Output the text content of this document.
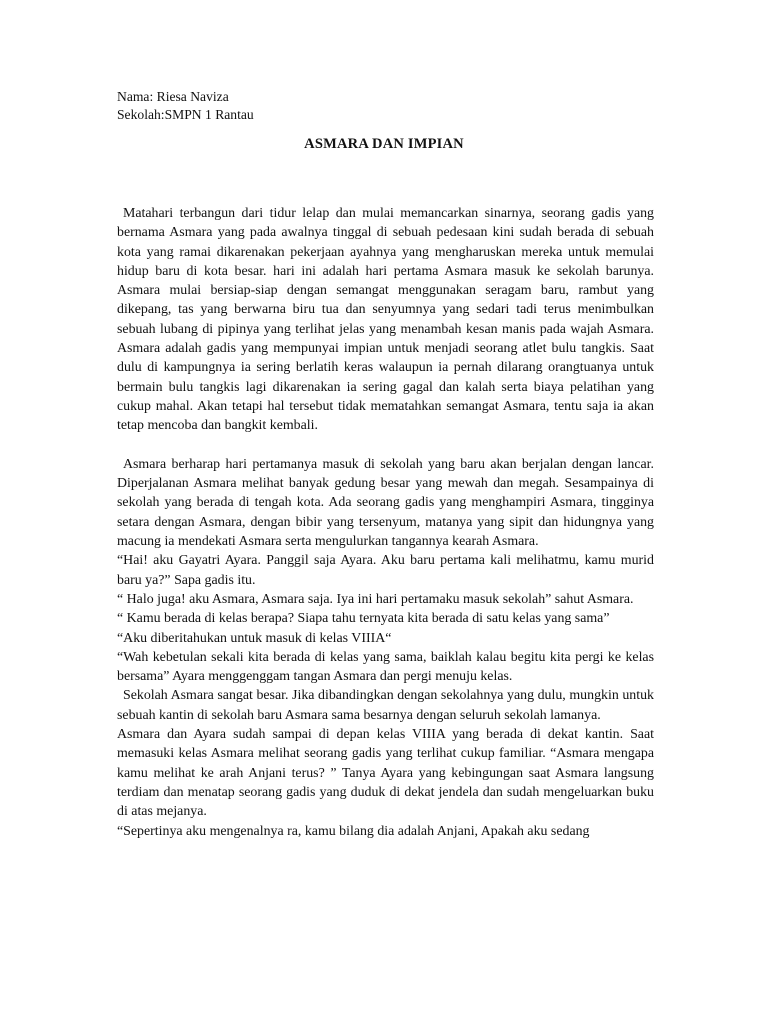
Nama: Riesa Naviza
Sekolah:SMPN 1 Rantau
ASMARA DAN IMPIAN

Matahari terbangun dari tidur lelap dan mulai memancarkan sinarnya, seorang gadis yang bernama Asmara yang pada awalnya tinggal di sebuah pedesaan kini sudah berada di sebuah kota yang ramai dikarenakan pekerjaan ayahnya yang mengharuskan mereka untuk memulai hidup baru di kota besar. hari ini adalah hari pertama Asmara masuk ke sekolah barunya. Asmara mulai bersiap-siap dengan semangat menggunakan seragam baru, rambut yang dikepang, tas yang berwarna biru tua dan senyumnya yang sedari tadi terus menimbulkan sebuah lubang di pipinya yang terlihat jelas yang menambah kesan manis pada wajah Asmara. Asmara adalah gadis yang mempunyai impian untuk menjadi seorang atlet bulu tangkis. Saat dulu di kampungnya ia sering berlatih keras walaupun ia pernah dilarang orangtuanya untuk bermain bulu tangkis lagi dikarenakan ia sering gagal dan kalah serta biaya pelatihan yang cukup mahal. Akan tetapi hal tersebut tidak mematahkan semangat Asmara, tentu saja ia akan tetap mencoba dan bangkit kembali.

Asmara berharap hari pertamanya masuk di sekolah yang baru akan berjalan dengan lancar. Diperjalanan Asmara melihat banyak gedung besar yang mewah dan megah. Sesampainya di sekolah yang berada di tengah kota. Ada seorang gadis yang menghampiri Asmara, tingginya setara dengan Asmara, dengan bibir yang tersenyum, matanya yang sipit dan hidungnya yang macung ia mendekati Asmara serta mengulurkan tangannya kearah Asmara.

“Hai! aku Gayatri Ayara. Panggil saja Ayara. Aku baru pertama kali melihatmu, kamu murid baru ya?” Sapa gadis itu.

“ Halo juga! aku Asmara, Asmara saja. Iya ini hari pertamaku masuk sekolah” sahut Asmara.

“ Kamu berada di kelas berapa? Siapa tahu ternyata kita berada di satu kelas yang sama”

“Aku diberitahukan untuk masuk di kelas VIIIA“

“Wah kebetulan sekali kita berada di kelas yang sama, baiklah kalau begitu kita pergi ke kelas bersama” Ayara menggenggam tangan Asmara dan pergi menuju kelas.

Sekolah Asmara sangat besar. Jika dibandingkan dengan sekolahnya yang dulu, mungkin untuk sebuah kantin di sekolah baru Asmara sama besarnya dengan seluruh sekolah lamanya.

Asmara dan Ayara sudah sampai di depan kelas VIIIA yang berada di dekat kantin. Saat memasuki kelas Asmara melihat seorang gadis yang terlihat cukup familiar. “Asmara mengapa kamu melihat ke arah Anjani terus? ” Tanya Ayara yang kebingungan saat Asmara langsung terdiam dan menatap seorang gadis yang duduk di dekat jendela dan sudah mengeluarkan buku di atas mejanya.

“Sepertinya aku mengenalnya ra, kamu bilang dia adalah Anjani, Apakah aku sedang
